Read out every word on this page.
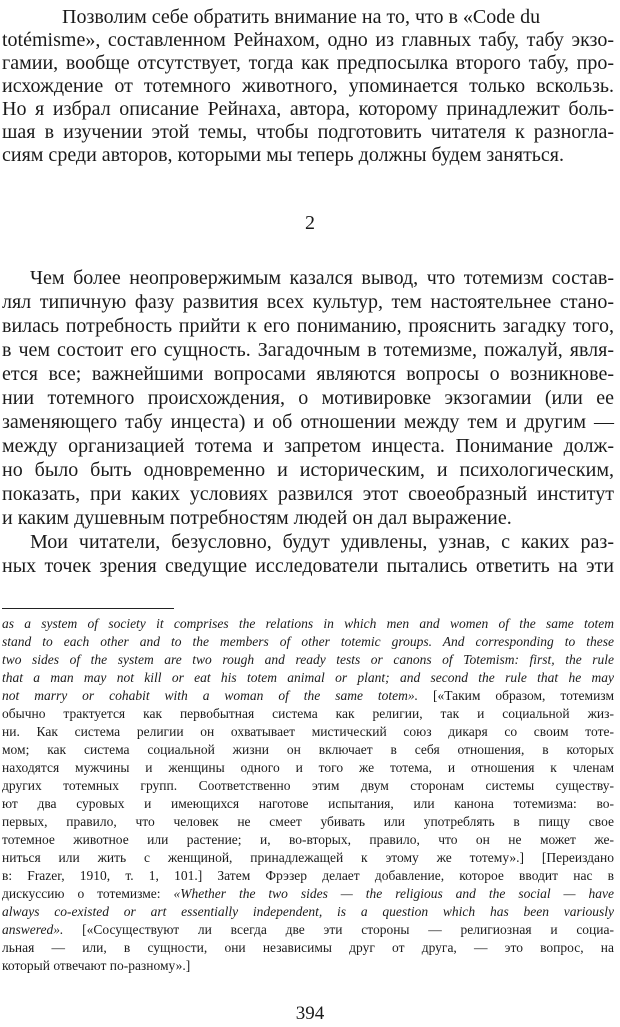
Позволим себе обратить внимание на то, что в «Code du
totémisme», составленном Рейнахом, одно из главных табу, табу экзо-
гамии, вообще отсутствует, тогда как предпосылка второго табу, про-
исхождение от тотемного животного, упоминается только вскользь.
Но я избрал описание Рейнаха, автора, которому принадлежит боль-
шая в изучении этой темы, чтобы подготовить читателя к разногла-
сиям среди авторов, которыми мы теперь должны будем заняться.
2
Чем более неопровержимым казался вывод, что тотемизм состав-
лял типичную фазу развития всех культур, тем настоятельнее стано-
вилась потребность прийти к его пониманию, прояснить загадку того,
в чем состоит его сущность. Загадочным в тотемизме, пожалуй, явля-
ется все; важнейшими вопросами являются вопросы о возникнове-
нии тотемного происхождения, о мотивировке экзогамии (или ее
заменяющего табу инцеста) и об отношении между тем и другим —
между организацией тотема и запретом инцеста. Понимание долж-
но было быть одновременно и историческим, и психологическим,
показать, при каких условиях развился этот своеобразный институт
и каким душевным потребностям людей он дал выражение.
Мои читатели, безусловно, будут удивлены, узнав, с каких раз-
ных точек зрения сведущие исследователи пытались ответить на эти
as a system of society it comprises the relations in which men and women of the same totem
stand to each other and to the members of other totemic groups. And corresponding to these
two sides of the system are two rough and ready tests or canons of Totemism: first, the rule
that a man may not kill or eat his totem animal or plant; and second the rule that he may
not marry or cohabit with a woman of the same totem». [«Таким образом, тотемизм
обычно трактуется как первобытная система как религии, так и социальной жиз-
ни. Как система религии он охватывает мистический союз дикаря со своим тоте-
мом; как система социальной жизни он включает в себя отношения, в которых
находятся мужчины и женщины одного и того же тотема, и отношения к членам
других тотемных групп. Соответственно этим двум сторонам системы существу-
ют два суровых и имеющихся наготове испытания, или канона тотемизма: во-
первых, правило, что человек не смеет убивать или употреблять в пищу свое
тотемное животное или растение; и, во-вторых, правило, что он не может же-
ниться или жить с женщиной, принадлежащей к этому же тотему».] [Переиздано
в: Frazer, 1910, т. 1, 101.] Затем Фрэзер делает добавление, которое вводит нас в
дискуссию о тотемизме: «Whether the two sides — the religious and the social — have
always co-existed or art essentially independent, is a question which has been variously
answered». [«Сосуществуют ли всегда две эти стороны — религиозная и социа-
льная — или, в сущности, они независимы друг от друга, — это вопрос, на
который отвечают по-разному».]
394
